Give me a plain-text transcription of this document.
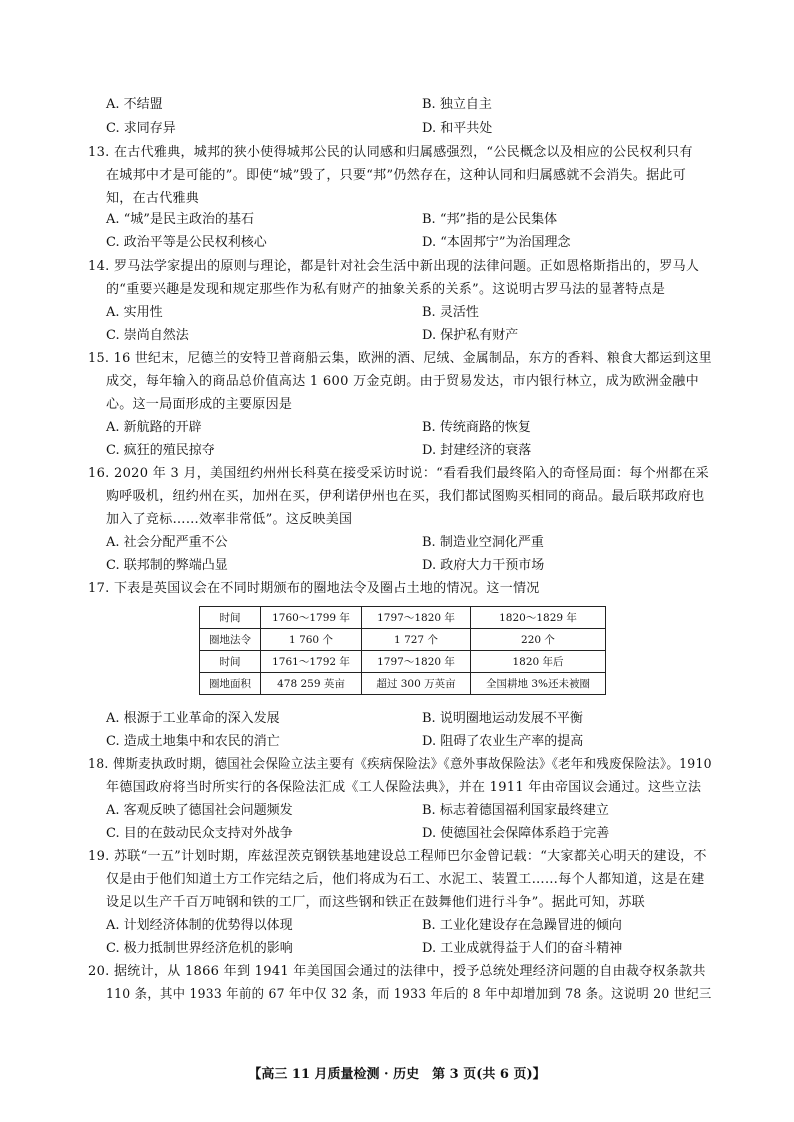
A. 不结盟	B. 独立自主
C. 求同存异	D. 和平共处
13. 在古代雅典，城邦的狭小使得城邦公民的认同感和归属感强烈，“公民概念以及相应的公民权利只有
在城邦中才是可能的”。即使“城”毁了，只要“邦”仍然存在，这种认同和归属感就不会消失。据此可
知，在古代雅典
A. “城”是民主政治的基石	B. “邦”指的是公民集体
C. 政治平等是公民权利核心	D. “本固邦宁”为治国理念
14. 罗马法学家提出的原则与理论，都是针对社会生活中新出现的法律问题。正如恩格斯指出的，罗马人
的“重要兴趣是发现和规定那些作为私有财产的抽象关系的关系”。这说明古罗马法的显著特点是
A. 实用性	B. 灵活性
C. 崇尚自然法	D. 保护私有财产
15. 16 世纪末，尼德兰的安特卫普商船云集，欧洲的酒、尼绒、金属制品，东方的香料、粮食大都运到这里
成交，每年输入的商品总价值高达 1 600 万金克朗。由于贸易发达，市内银行林立，成为欧洲金融中
心。这一局面形成的主要原因是
A. 新航路的开辟	B. 传统商路的恢复
C. 疯狂的殖民掠夺	D. 封建经济的衰落
16. 2020 年 3 月，美国纽约州州长科莫在接受采访时说：“看看我们最终陷入的奇怪局面：每个州都在采
购呼吸机，纽约州在买，加州在买，伊利诺伊州也在买，我们都试图购买相同的商品。最后联邦政府也
加入了竞标……效率非常低”。这反映美国
A. 社会分配严重不公	B. 制造业空洞化严重
C. 联邦制的弊端凸显	D. 政府大力干预市场
17. 下表是英国议会在不同时期颁布的圈地法令及圈占土地的情况。这一情况
时间	1760～1799 年	1797～1820 年	1820～1829 年
圈地法令	1 760 个	1 727 个	220 个
时间	1761～1792 年	1797～1820 年	1820 年后
圈地面积	478 259 英亩	超过 300 万英亩	全国耕地 3%还未被圈
A. 根源于工业革命的深入发展	B. 说明圈地运动发展不平衡
C. 造成土地集中和农民的消亡	D. 阻碍了农业生产率的提高
18. 俾斯麦执政时期，德国社会保险立法主要有《疾病保险法》《意外事故保险法》《老年和残废保险法》。1910
年德国政府将当时所实行的各保险法汇成《工人保险法典》，并在 1911 年由帝国议会通过。这些立法
A. 客观反映了德国社会问题频发	B. 标志着德国福利国家最终建立
C. 目的在鼓动民众支持对外战争	D. 使德国社会保障体系趋于完善
19. 苏联“一五”计划时期，库兹涅茨克钢铁基地建设总工程师巴尔金曾记载：“大家都关心明天的建设，不
仅是由于他们知道土方工作完结之后，他们将成为石工、水泥工、装置工……每个人都知道，这是在建
设足以生产千百万吨钢和铁的工厂，而这些钢和铁正在鼓舞他们进行斗争”。据此可知，苏联
A. 计划经济体制的优势得以体现	B. 工业化建设存在急躁冒进的倾向
C. 极力抵制世界经济危机的影响	D. 工业成就得益于人们的奋斗精神
20. 据统计，从 1866 年到 1941 年美国国会通过的法律中，授予总统处理经济问题的自由裁夺权条款共
110 条，其中 1933 年前的 67 年中仅 32 条，而 1933 年后的 8 年中却增加到 78 条。这说明 20 世纪三
【高三 11 月质量检测 · 历史　第 3 页(共 6 页)】
